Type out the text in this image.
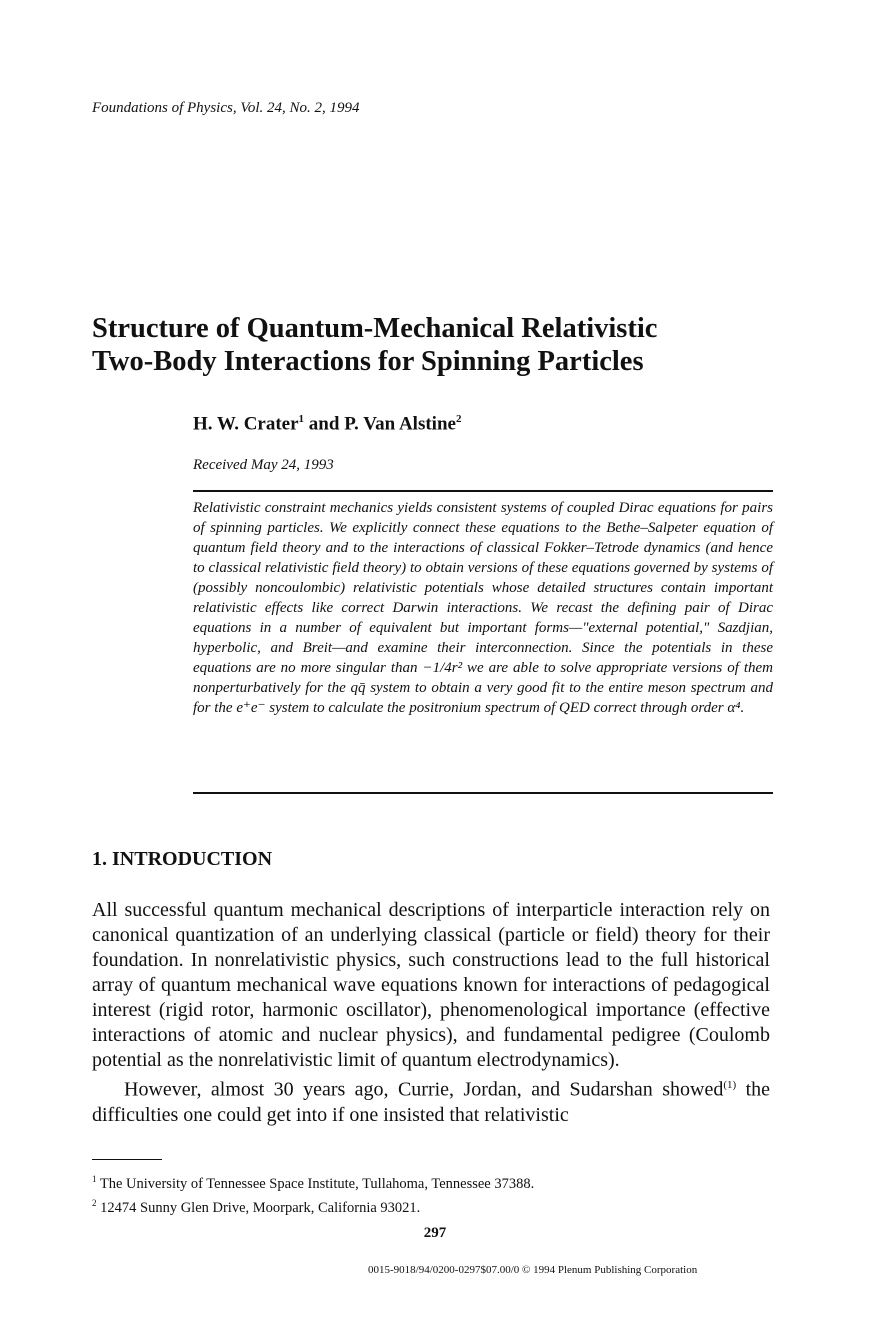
Foundations of Physics, Vol. 24, No. 2, 1994
Structure of Quantum-Mechanical Relativistic
Two-Body Interactions for Spinning Particles
H. W. Crater$^1$ and P. Van Alstine$^2$
Received May 24, 1993

Relativistic constraint mechanics yields consistent systems of coupled Dirac equations for pairs of spinning particles. We explicitly connect these equations to the Bethe–Salpeter equation of quantum field theory and to the interactions of classical Fokker–Tetrode dynamics (and hence to classical relativistic field theory) to obtain versions of these equations governed by systems of (possibly noncoulombic) relativistic potentials whose detailed structures contain important relativistic effects like correct Darwin interactions. We recast the defining pair of Dirac equations in a number of equivalent but important forms—"external potential," Sazdjian, hyperbolic, and Breit—and examine their interconnection. Since the potentials in these equations are no more singular than −1/4r² we are able to solve appropriate versions of them nonperturbatively for the qq̄ system to obtain a very good fit to the entire meson spectrum and for the e⁺e⁻ system to calculate the positronium spectrum of QED correct through order α⁴.

1. INTRODUCTION

All successful quantum mechanical descriptions of interparticle interaction rely on canonical quantization of an underlying classical (particle or field) theory for their foundation. In nonrelativistic physics, such constructions lead to the full historical array of quantum mechanical wave equations known for interactions of pedagogical interest (rigid rotor, harmonic oscillator), phenomenological importance (effective interactions of atomic and nuclear physics), and fundamental pedigree (Coulomb potential as the nonrelativistic limit of quantum electrodynamics).

However, almost 30 years ago, Currie, Jordan, and Sudarshan showed$^{(1)}$ the difficulties one could get into if one insisted that relativistic

$^1$ The University of Tennessee Space Institute, Tullahoma, Tennessee 37388.
$^2$ 12474 Sunny Glen Drive, Moorpark, California 93021.
297
0015-9018/94/0200-0297$07.00/0 © 1994 Plenum Publishing Corporation
